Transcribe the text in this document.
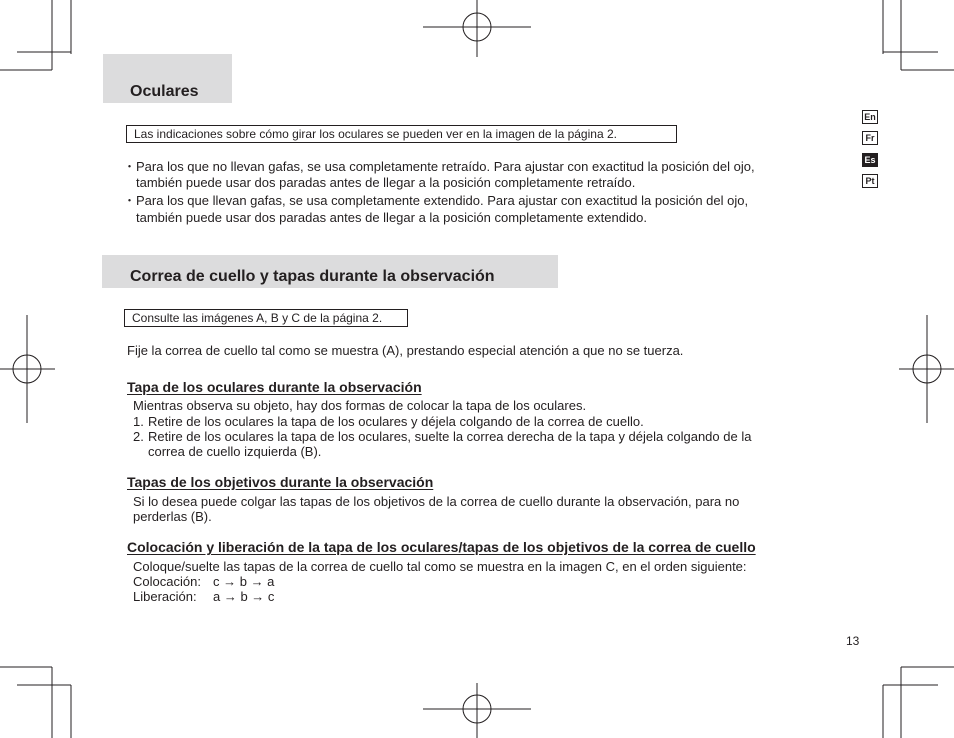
Oculares
Las indicaciones sobre cómo girar los oculares se pueden ver en la imagen de la página 2.
・ Para los que no llevan gafas, se usa completamente retraído. Para ajustar con exactitud la posición del ojo,
también puede usar dos paradas antes de llegar a la posición completamente retraído.
・ Para los que llevan gafas, se usa completamente extendido. Para ajustar con exactitud la posición del ojo,
también puede usar dos paradas antes de llegar a la posición completamente extendido.
Correa de cuello y tapas durante la observación
Consulte las imágenes A, B y C de la página 2.
Fije la correa de cuello tal como se muestra (A), prestando especial atención a que no se tuerza.
Tapa de los oculares durante la observación
Mientras observa su objeto, hay dos formas de colocar la tapa de los oculares.
1. Retire de los oculares la tapa de los oculares y déjela colgando de la correa de cuello.
2. Retire de los oculares la tapa de los oculares, suelte la correa derecha de la tapa y déjela colgando de la
correa de cuello izquierda (B).
Tapas de los objetivos durante la observación
Si lo desea puede colgar las tapas de los objetivos de la correa de cuello durante la observación, para no
perderlas (B).
Colocación y liberación de la tapa de los oculares/tapas de los objetivos de la correa de cuello
Coloque/suelte las tapas de la correa de cuello tal como se muestra en la imagen C, en el orden siguiente:
Colocación: c → b → a
Liberación: a → b → c
En
Fr
Es
Pt
13
